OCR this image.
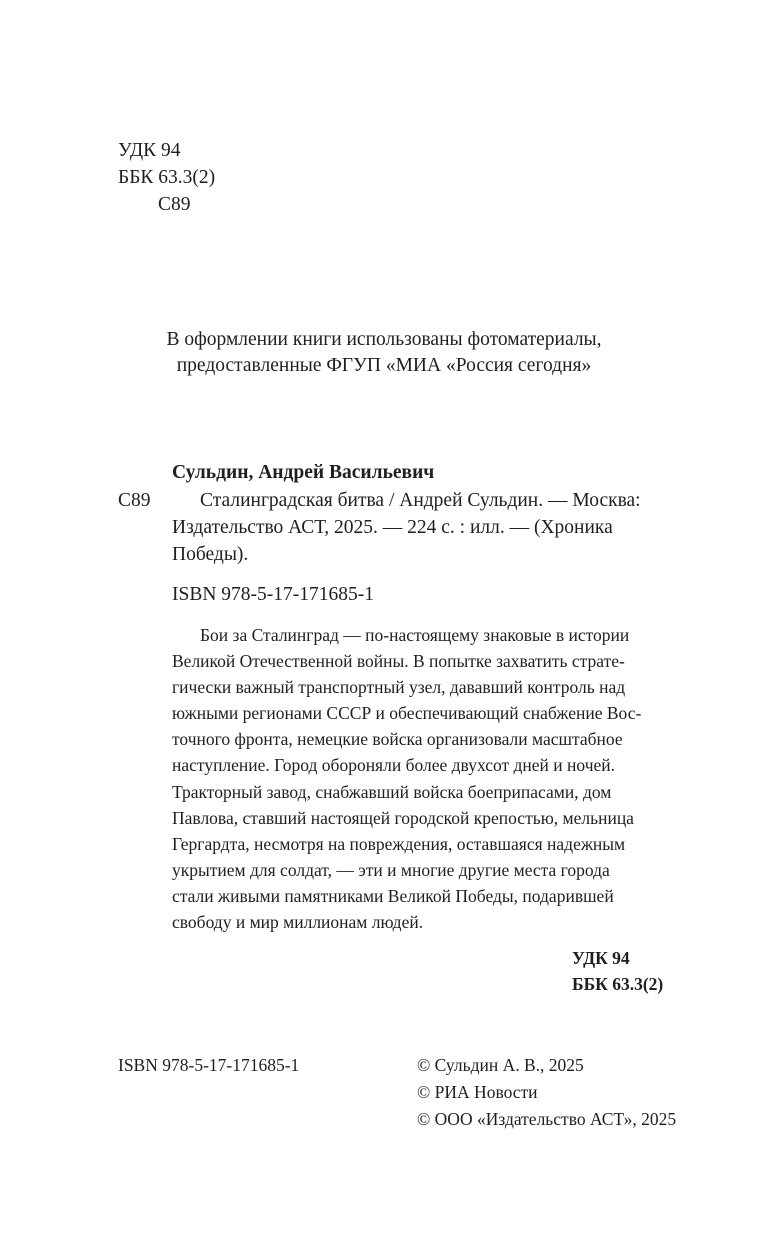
УДК 94
ББК 63.3(2)
С89
В оформлении книги использованы фотоматериалы,
предоставленные ФГУП «МИА «Россия сегодня»
Сульдин, Андрей Васильевич
С89	Сталинградская битва / Андрей Сульдин. — Москва:
Издательство АСТ, 2025. — 224 с. : илл. — (Хроника
Победы).
ISBN 978-5-17-171685-1
Бои за Сталинград — по-настоящему знаковые в истории
Великой Отечественной войны. В попытке захватить страте-
гически важный транспортный узел, дававший контроль над
южными регионами СССР и обеспечивающий снабжение Вос-
точного фронта, немецкие войска организовали масштабное
наступление. Город обороняли более двухсот дней и ночей.
Тракторный завод, снабжавший войска боеприпасами, дом
Павлова, ставший настоящей городской крепостью, мельница
Гергардта, несмотря на повреждения, оставшаяся надежным
укрытием для солдат, — эти и многие другие места города
стали живыми памятниками Великой Победы, подарившей
свободу и мир миллионам людей.
УДК 94
ББК 63.3(2)
ISBN 978-5-17-171685-1	© Сульдин А. В., 2025
© РИА Новости
© ООО «Издательство АСТ», 2025
